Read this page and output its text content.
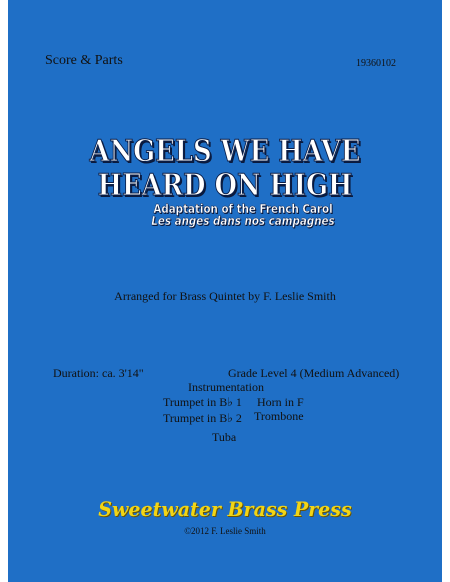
Score & Parts	19360102
ANGELS WE HAVE
HEARD ON HIGH
Adaptation of the French Carol
Les anges dans nos campagnes
Arranged for Brass Quintet by F. Leslie Smith
Duration: ca. 3'14"	Grade Level 4 (Medium Advanced)
Instrumentation
Trumpet in B♭ 1 Horn in F
Trumpet in B♭ 2 Trombone
Tuba
Sweetwater Brass Press
©2012 F. Leslie Smith
